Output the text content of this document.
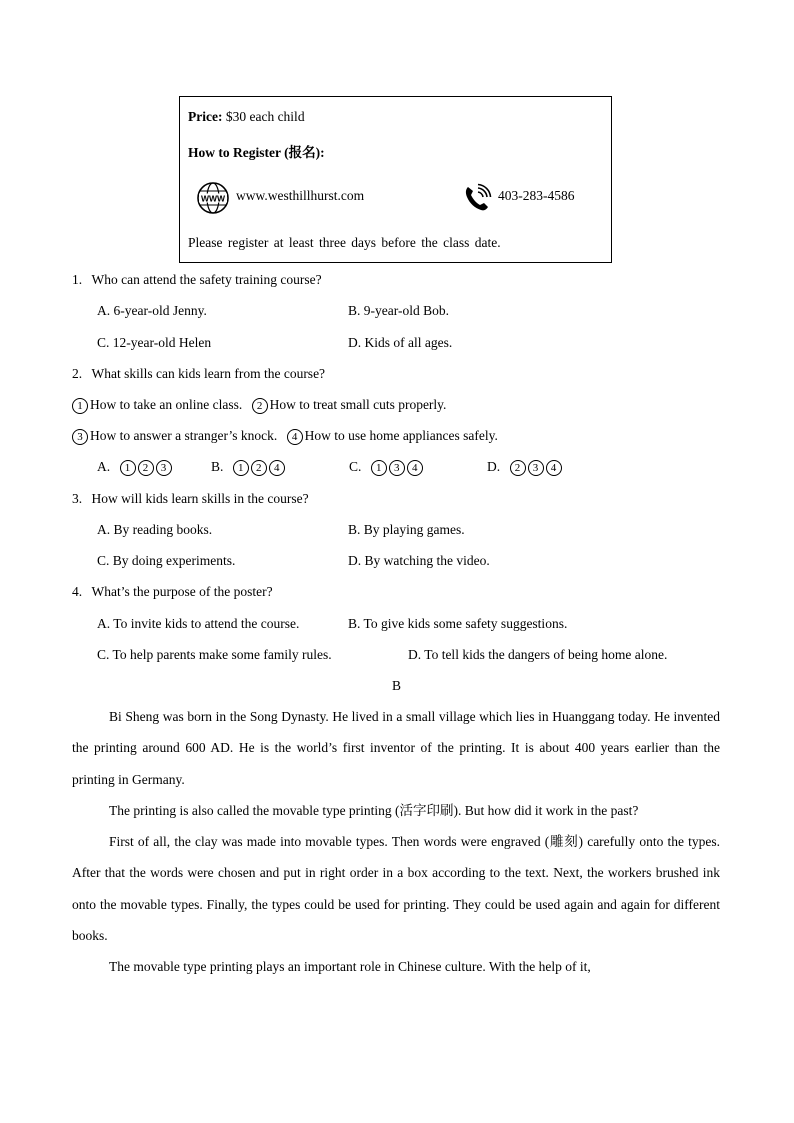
Price: $30 each child
How to Register (报名):
WWW www.westhillhurst.com	403-283-4586
Please register at least three days before the class date.
1. Who can attend the safety training course?
A. 6-year-old Jenny.	B. 9-year-old Bob.
C. 12-year-old Helen	D. Kids of all ages.
2. What skills can kids learn from the course?
1 How to take an online class. 2 How to treat small cuts properly.
3 How to answer a stranger’s knock. 4 How to use home appliances safely.
A. 1 2 3	B. 1 2 4	C. 1 3 4	D. 2 3 4
3. How will kids learn skills in the course?
A. By reading books.	B. By playing games.
C. By doing experiments.	D. By watching the video.
4. What’s the purpose of the poster?
A. To invite kids to attend the course.	B. To give kids some safety suggestions.
C. To help parents make some family rules.	D. To tell kids the dangers of being home alone.
B

Bi Sheng was born in the Song Dynasty. He lived in a small village which lies in Huanggang today. He invented the printing around 600 AD. He is the world’s first inventor of the printing. It is about 400 years earlier than the printing in Germany.

The printing is also called the movable type printing (活字印刷). But how did it work in the past?

First of all, the clay was made into movable types. Then words were engraved (雕刻) carefully onto the types. After that the words were chosen and put in right order in a box according to the text. Next, the workers brushed ink onto the movable types. Finally, the types could be used for printing. They could be used again and again for different books.

The movable type printing plays an important role in Chinese culture. With the help of it,
